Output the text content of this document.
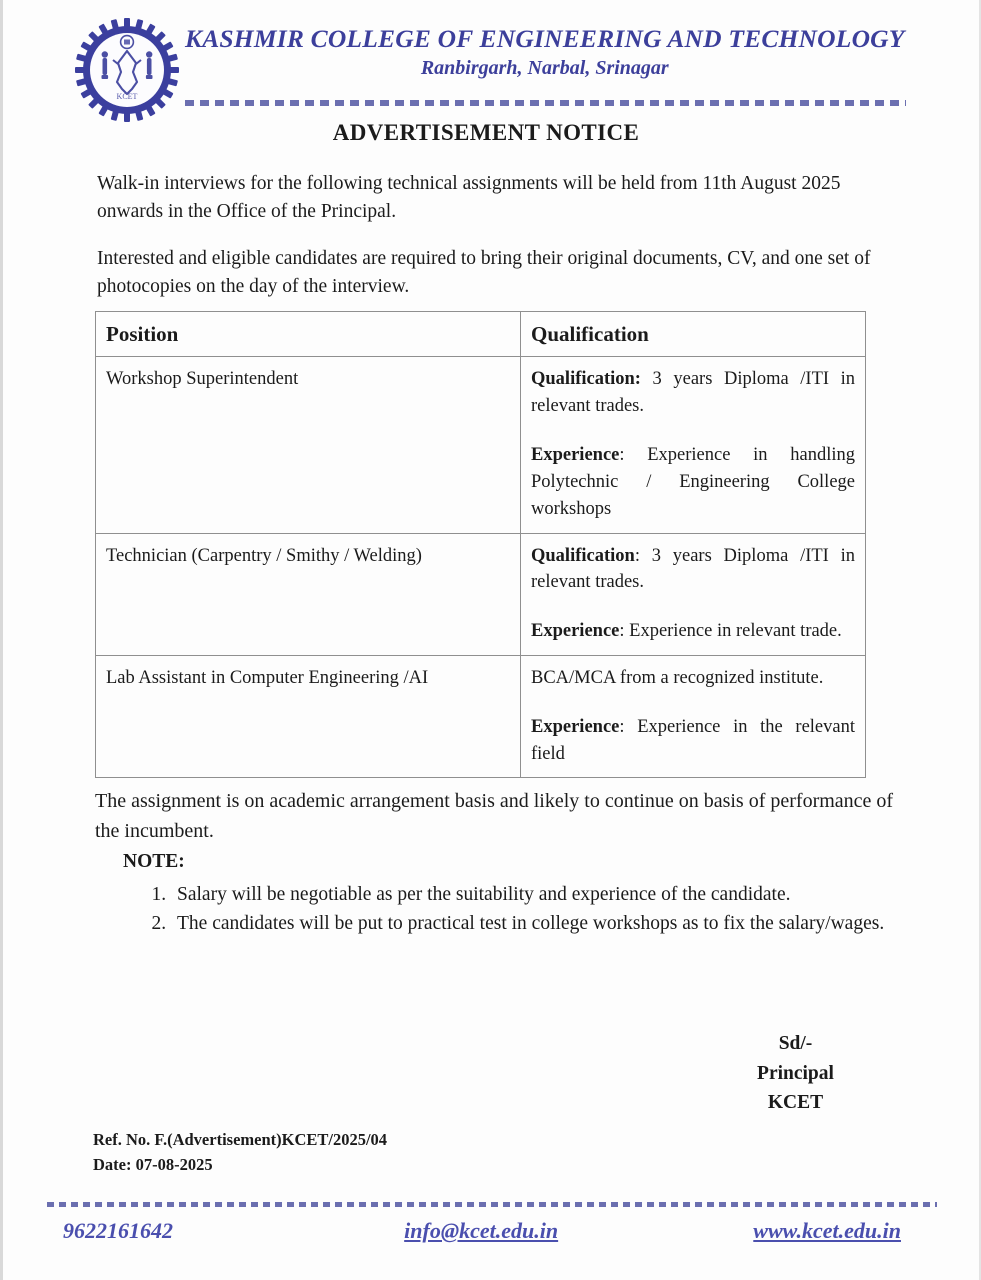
KCET
KASHMIR COLLEGE OF ENGINEERING AND TECHNOLOGY
Ranbirgarh, Narbal, Srinagar
ADVERTISEMENT NOTICE

Walk-in interviews for the following technical assignments will be held from 11th August 2025 onwards in the Office of the Principal.

Interested and eligible candidates are required to bring their original documents, CV, and one set of photocopies on the day of the interview.

Position	Qualification
Workshop Superintendent	Qualification: 3 years Diploma /ITI in relevant trades.

Experience: Experience in handling Polytechnic / Engineering College workshops

Technician (Carpentry / Smithy / Welding)	Qualification: 3 years Diploma /ITI in relevant trades.

Experience: Experience in relevant trade.

Lab Assistant in Computer Engineering /AI	BCA/MCA from a recognized institute.

Experience: Experience in the relevant field

The assignment is on academic arrangement basis and likely to continue on basis of performance of the incumbent.

NOTE:
1. Salary will be negotiable as per the suitability and experience of the candidate.
2. The candidates will be put to practical test in college workshops as to fix the salary/wages.
Sd/-
Principal
KCET
Ref. No. F.(Advertisement)KCET/2025/04
Date: 07-08-2025
9622161642	info@kcet.edu.in	www.kcet.edu.in
